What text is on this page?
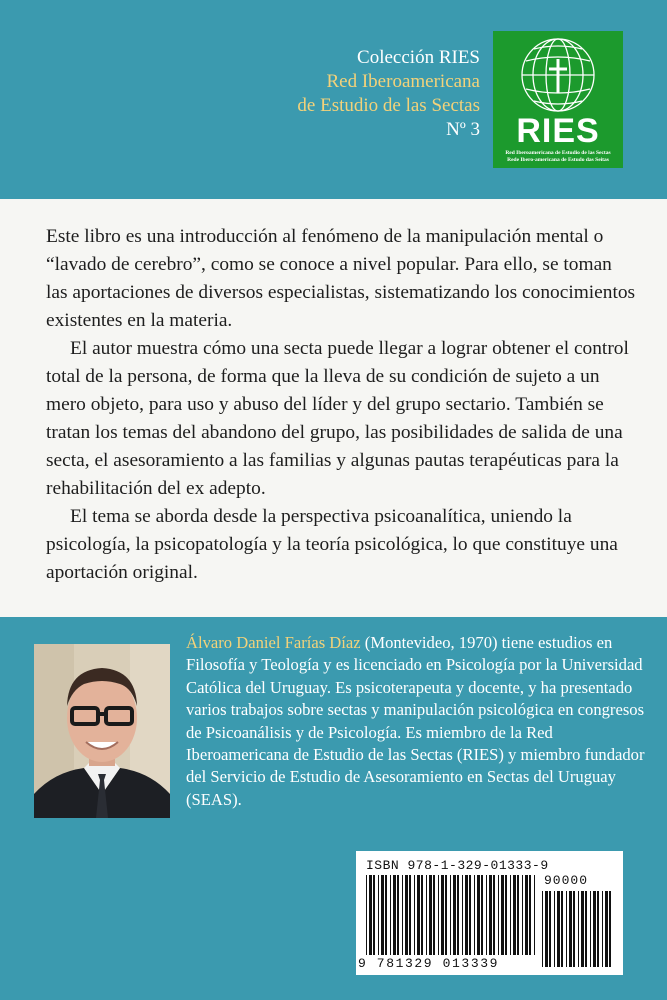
Colección RIES
Red Iberoamericana
de Estudio de las Sectas
Nº 3	RIES
Red Iberoamericana de Estudio de las Sectas
Rede Ibero-americana de Estudo das Seitas

Este libro es una introducción al fenómeno de la manipulación mental o “lavado de cerebro”, como se conoce a nivel popular. Para ello, se toman las aportaciones de diversos especialistas, sistematizando los conocimientos existentes en la materia.

El autor muestra cómo una secta puede llegar a lograr obtener el control total de la persona, de forma que la lleva de su condición de sujeto a un mero objeto, para uso y abuso del líder y del grupo sectario. También se tratan los temas del abandono del grupo, las posibilidades de salida de una secta, el asesoramiento a las familias y algunas pautas terapéuticas para la rehabilitación del ex adepto.

El tema se aborda desde la perspectiva psicoanalítica, uniendo la psicología, la psicopatología y la teoría psicológica, lo que constituye una aportación original.

Álvaro Daniel Farías Díaz (Montevideo, 1970) tiene estudios en Filosofía y Teología y es licenciado en Psicología por la Universidad Católica del Uruguay. Es psicoterapeuta y docente, y ha presentado varios trabajos sobre sectas y manipulación psicológica en congresos de Psicoanálisis y de Psicología. Es miembro de la Red Iberoamericana de Estudio de las Sectas (RIES) y miembro fundador del Servicio de Estudio de Asesoramiento en Sectas del Uruguay (SEAS).
ISBN 978-1-329-01333-9
9 781329 013339
90000
